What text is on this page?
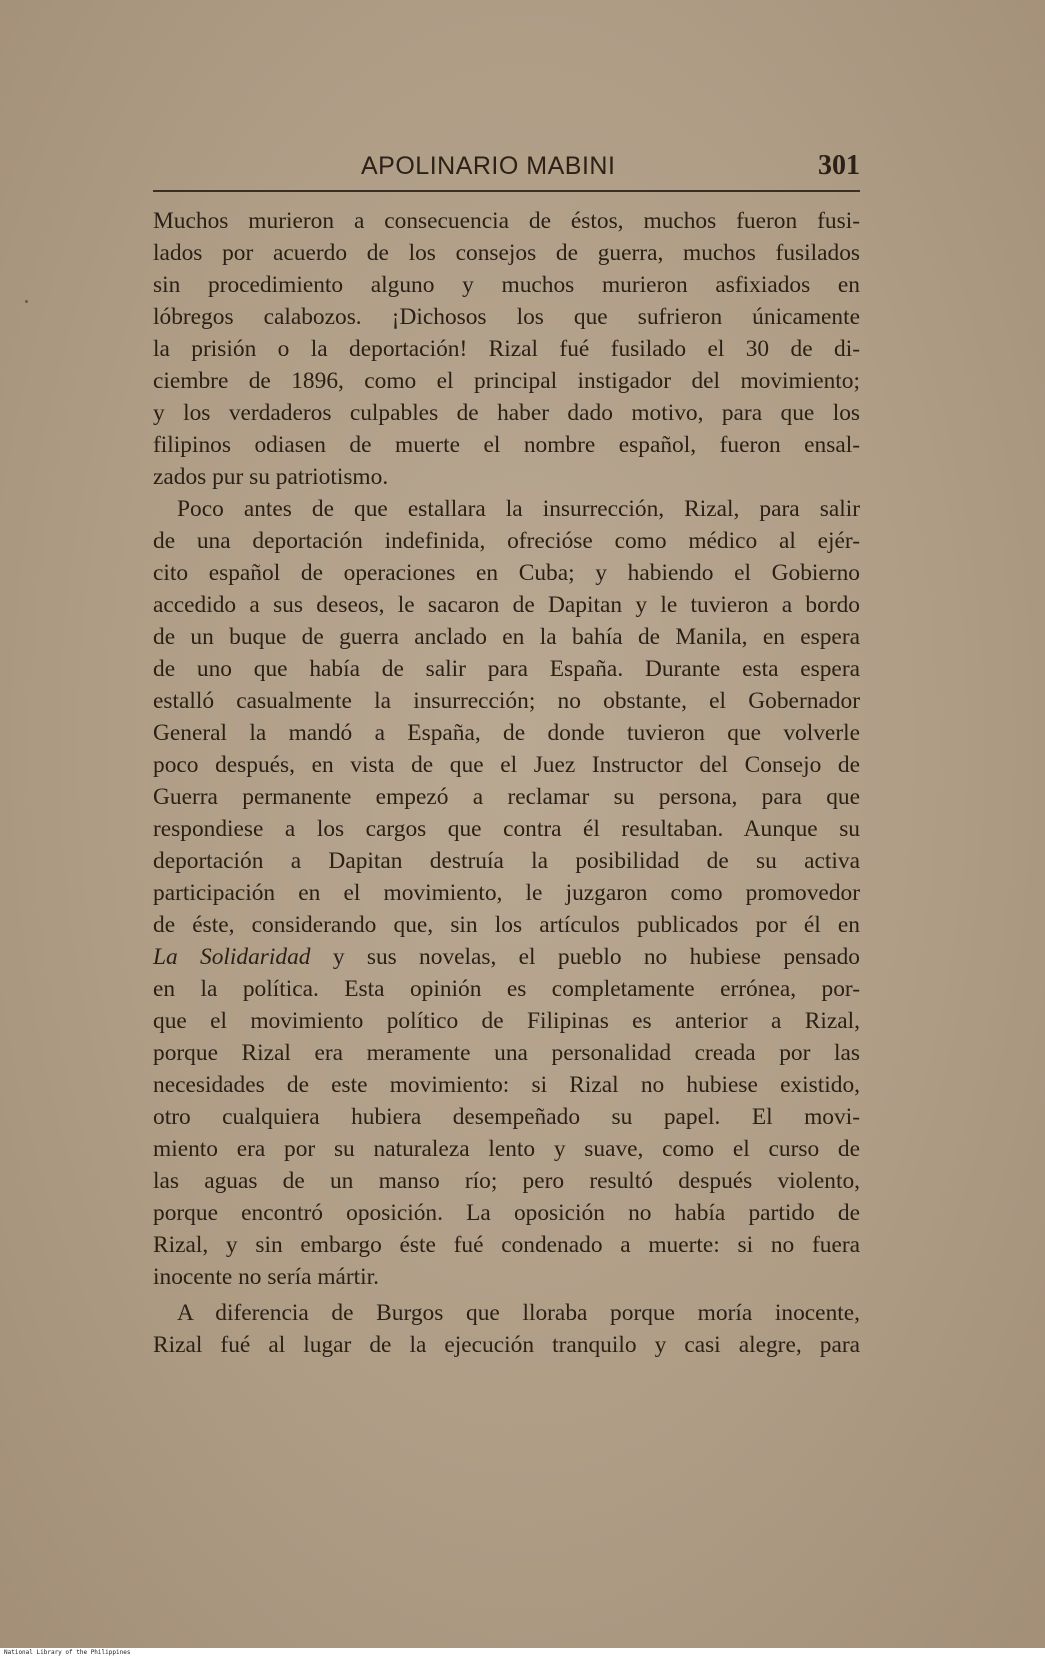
APOLINARIO MABINI	301

Muchos murieron a consecuencia de éstos, muchos fueron fusi-
lados por acuerdo de los consejos de guerra, muchos fusilados
sin procedimiento alguno y muchos murieron asfixiados en
lóbregos calabozos. ¡Dichosos los que sufrieron únicamente
la prisión o la deportación! Rizal fué fusilado el 30 de di-
ciembre de 1896, como el principal instigador del movimiento;
y los verdaderos culpables de haber dado motivo, para que los
filipinos odiasen de muerte el nombre español, fueron ensal-
zados pur su patriotismo.

Poco antes de que estallara la insurrección, Rizal, para salir
de una deportación indefinida, ofrecióse como médico al ejér-
cito español de operaciones en Cuba; y habiendo el Gobierno
accedido a sus deseos, le sacaron de Dapitan y le tuvieron a bordo
de un buque de guerra anclado en la bahía de Manila, en espera
de uno que había de salir para España. Durante esta espera
estalló casualmente la insurrección; no obstante, el Gobernador
General la mandó a España, de donde tuvieron que volverle
poco después, en vista de que el Juez Instructor del Consejo de
Guerra permanente empezó a reclamar su persona, para que
respondiese a los cargos que contra él resultaban. Aunque su
deportación a Dapitan destruía la posibilidad de su activa
participación en el movimiento, le juzgaron como promovedor
de éste, considerando que, sin los artículos publicados por él en
La Solidaridad y sus novelas, el pueblo no hubiese pensado
en la política. Esta opinión es completamente errónea, por-
que el movimiento político de Filipinas es anterior a Rizal,
porque Rizal era meramente una personalidad creada por las
necesidades de este movimiento: si Rizal no hubiese existido,
otro cualquiera hubiera desempeñado su papel. El movi-
miento era por su naturaleza lento y suave, como el curso de
las aguas de un manso río; pero resultó después violento,
porque encontró oposición. La oposición no había partido de
Rizal, y sin embargo éste fué condenado a muerte: si no fuera
inocente no sería mártir.

A diferencia de Burgos que lloraba porque moría inocente,
Rizal fué al lugar de la ejecución tranquilo y casi alegre, para

National Library of the Philippines
